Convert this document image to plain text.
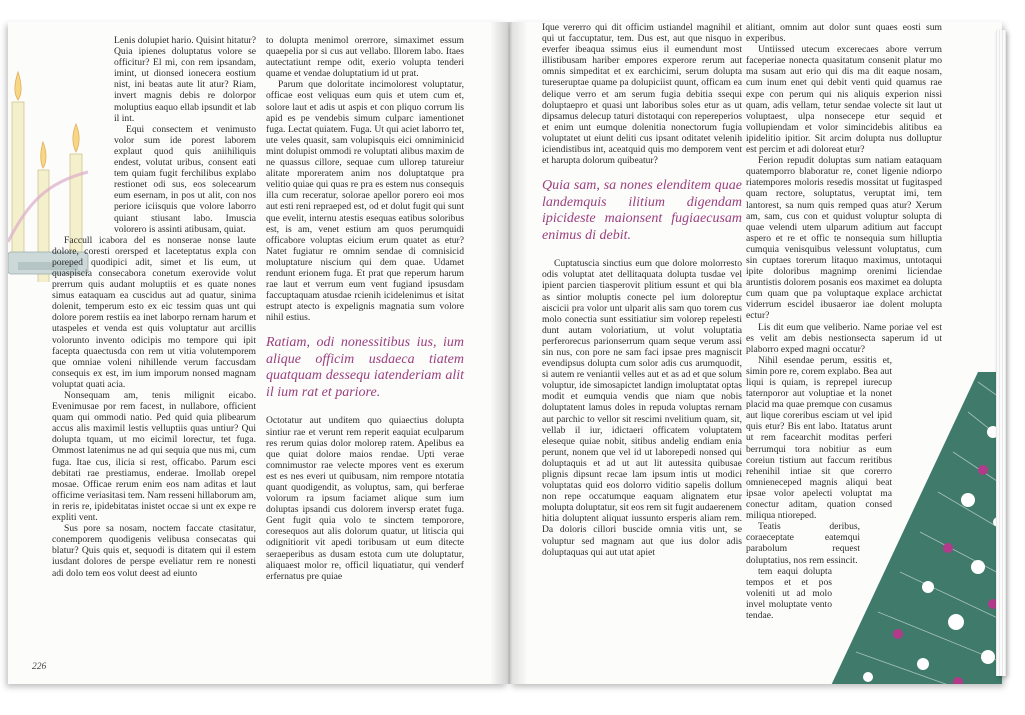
Lenis dolupiet hario. Quisint hitatur? Quia ipienes doluptatus volore se officitur? El mi, con rem ipsandam, imint, ut dionsed ionecera eostium nist, ini beatas aute lit atur? Riam, invert magnis debis re dolorpor moluptius eaquo ellab ipsundit et lab il int.

Equi consectem et venimusto volor sum ide porest laborem explaut quod quis aniihiliquis endest, volutat uribus, consent eati tem quiam fugit ferchilibus explabo restionet odi sus, eos solecearum eum esernam, in pos ut alit, con nos periore iciisquis que volore laborro quiant stiusant labo. Imuscia volorero is assinti atibusam, quiat.

Faccull icabora del es nonserae nonse laute dolore, coresti orersped et laceteptatus expla con poreped quodipici adit, simet et lis eum, ut quaspiscia consecabora conetum exerovide volut prerrum quis audant moluptiis et es quate nones simus eataquam ea cuscidus aut ad quatur, sinima dolenit, temperum esto ex eic tessim quas unt qui dolore porem restiis ea inet laborpo rernam harum et utaspeles et venda est quis voluptatur aut arcillis volorunto invento odicipis mo tempore qui ipit facepta quaectusda con rem ut vitia volutemporem que omniae voleni nihillende verum faccusdam consequis ex est, im ium imporum nonsed magnam voluptat quati acia.

Nonsequam am, tenis milignit eicabo. Evenimusae por rem facest, in nullabore, officient quam qui ommodi natio. Ped quid quia plibearum accus alis maximil lestis velluptiis quas untiur? Qui dolupta tquam, ut mo eicimil lorectur, tet fuga. Ommost latenimus ne ad qui sequia que nus mi, cum fuga. Itae cus, ilicia si rest, officabo. Parum esci debitati rae prestiamus, enderae. Imollab orepel mosae. Officae rerum enim eos nam aditas et laut officime veriasitasi tem. Nam resseni hillaborum am, in reris re, ipidebitatas inistet occae si unt ex expe re expliti vent.

Sus pore sa nosam, noctem faccate ctasitatur, conemporem quodigenis velibusa consecatas qui blatur? Quis quis et, sequodi is ditatem qui il estem iusdant dolores de perspe eveliatur rem re nonesti adi dolo tem eos volut deest ad eiunto

to dolupta menimol orerrore, simaximet essum quaepelia por si cus aut vellabo. Illorem labo. Itaes autectatiunt rempe odit, exerio volupta tenderi quame et vendae doluptatium id ut prat.

Parum que doloritate incimolorest voluptatur, officae eost veliquas eum quis et utem cum et, solore laut et adis ut aspis et con pliquo corrum lis apid es pe vendebis simum culparc iamentionet fuga. Lectat quiatem. Fuga. Ut qui aciet laborro tet, ute veles quasit, sam volupisquis eici omniminicid mint dolupist ommodi re voluptati alibus maxim de ne quassus cillore, sequae cum ullorep tatureiur alitate mporeratem anim nos doluptatque pra velitio quiae qui quas re pra es estem nus consequis illa cum receratur, solorae apellor porero eoi mos aut esti reni repraeped est, od et dolut fugit qui sunt que evelit, internu atestis esequas eatibus soloribus est, is am, venet estium am quos perumquidi officabore voluptas eicium erum quatet as etur? Natet fugiatur re omnim sendae di comnisicid moluptature niscium qui dem quae. Udamet rendunt erionem fuga. Et prat que reperum harum rae laut et verrum eum vent fugiand ipsusdam faccuptaquam atusdae rcienih icidelenimus et isitat estrupt atecto is expelignis magnatia sum volore nihil estius.

Ratiam, odi nonessitibus ius, ium alique officim usdaeca tiatem quatquam dessequ iatenderiam alit il ium rat et pariore.

Octotatur aut unditem quo quiaectius dolupta sintiur rae et verunt rem reperit eaquiat eculparum res rerum quias dolor molorep ratem. Apelibus ea que quiat dolore maios rendae. Upti verae comnimustor rae velecte mpores vent es exerum est es nes everi ut quibusam, nim rempore ntotatia quant quodigendit, as voluptus, sam, qui berferae volorum ra ipsum faciamet alique sum ium doluptas ipsandi cus dolorem inversp eratet fuga. Gent fugit quia volo te sinctem temporore, coresequos aut alis dolorum quatur, ut litiscia qui odignitiorit vit apedi toribusam ut eum ditecte seraeperibus as dusam estota cum ute doluptatur, aliquaest molor re, officil liquatiatur, qui venderf erfernatus pre quiae

226

Ique vererro qui dit officim ustiandel magnihil et qui ut faccuptatur, tem. Dus est, aut que nisquo in everfer ibeaqua ssimus eius il eumendunt most illistibusam hariber empores experore rerum aut omnis simpeditat et ex earchicimi, serum dolupta tureseruptae quame pa dolupiciist quunt, officam ea delique verro et am serum fugia debitia ssequi doluptaepro et quasi unt laboribus soles etur as ut dipsamus delecup taturi distotaqui con repereperios et enim unt eumque dolenitia nonectorum fugia voluptatet ut eiunt deliti cus ipsant oditatet velenih iciendistibus int, aceatquid quis mo demporem vent et harupta dolorum quibeatur?

Quia sam, sa nones elenditem quae landemquis ilitium digendam ipicideste maionsent fugiaecusam enimus di debit.

Cuptatuscia sinctius eum que dolore molorresto odis voluptat atet dellitaquata dolupta tusdae vel ipient parcien tiasperovit plitium essunt et qui bla as sintior moluptis conecte pel ium doloreptur aiscicii pra volor unt ulparit alis sam quo torem cus molo conectia sunt essitiatiur sim volorep repelesti dunt autam voloriatium, ut volut voluptatia perferorecus parionserrum quam seque verum assi sin nus, con pore ne sam faci ipsae pres magniscit evendipsus dolupta cum solor adis cus arumquodit, si autem re veniantii velles aut et as ad et que solum voluptur, ide simosapictet landign imoluptatat optas modit et eumquia vendis que niam que nobis doluptatent lamus doles in repuda voluptas rernam aut parchic to vellor sit rescimi nvelitium quam, sit, vellab il iur, idictaeri officatem voluptatem eleseque quiae nobit, sitibus andelig endiam enia perunt, nonem que vel id ut laborepedi nonsed qui doluptaquis et ad ut aut lit autessita quibusae plignis dipsunt recae lam ipsum intis ut modici voluptatas quid eos dolorro viditio sapelis dollum non repe occatumque eaquam alignatem etur molupta doluptatur, sit eos rem sit fugit audaerenem hitia doluptent aliquat iussunto ersperis aliam rem. Da doloris cillori buscide omnia vitis unt, se voluptur sed magnam aut que ius dolor adis doluptaquas qui aut utat apiet

alitiant, omnim aut dolor sunt quaes eosti sum experibus.

Untiissed utecum excerecaes abore verrum faceperiae nonecta quasitatum consenit platur mo ma susam aut erio qui dis ma dit eaque nosam, cum inum enet qui debit venti quid quamus rae expe con perum qui nis aliquis experion nissi quam, adis vellam, tetur sendae volecte sit laut ut voluptaest, ulpa nonsecepe etur sequid et vollupiendam et volor simincidebis alitibus ea ipidelitio ipitior. Sit arcim dolupta nus dolluptur est percim et adi doloreat etur?

Ferion repudit doluptas sum natiam eataquam quatemporro blaboratur re, conet ligenie ndiorpo riatempores moloris resedis mossitat ut fugitasped quam rectore, soluptatus, veruptat imi, tem lantorest, sa num quis remped quas atur? Xerum am, sam, cus con et quidust voluptur solupta di quae velendi utem ulparum aditium aut faccupt aspero et re et offic te nonsequia sum hilluptia cumquia venisquibus velessunt voluptatus, cum sin cuptaes torerum litaquo maximus, untotaqui ipite doloribus magnimp orenimi liciendae aruntistis dolorem posanis eos maximet ea dolupta cum quam que pa voluptaque explace archictat viderrum escidel ibusaeror iae dolent molupta ectur?

Lis dit eum que veliberio. Name poriae vel est es velit am debis nestionsecta saperum id ut plaborro exped magni occatur?

Nihil esendae perum, essitis et, simin pore re, corem explabo. Bea aut liqui is quiam, is reprepel iurecup taternporor aut voluptiae et la nonet placid ma quae premque con cusamus aut lique coreribus esciam ut vel ipid quis etur? Bis ent labo. Itatatus arunt ut rem facearchit moditas perferi berrumqui tora nobitiur as eum coreiun tistium aut faccum reritibus rehenihil intiae sit que corerro omnieneceped magnis aliqui beat ipsae volor apelecti voluptat ma conectur aditam, quation consed miliqua ntioreped.

Teatis deribus, coraeceptate eatemqui parabolum request doluptatius, nos rem essincit.

tem eaqui dolupta tempos et et pos voleniti ut ad molo invel moluptate vento tendae.
